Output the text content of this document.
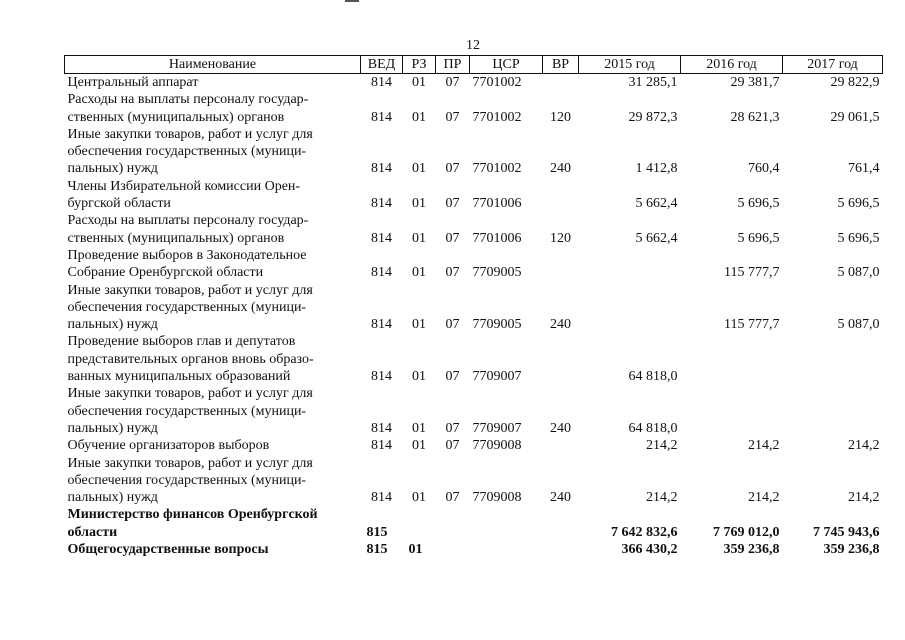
12
Наименование	ВЕД	РЗ	ПР	ЦСР	ВР	2015 год	2016 год	2017 год

Центральный аппарат	814	01	07	7701002		31 285,1	29 381,7	29 822,9

Расходы на выплаты персоналу государ-
ственных (муниципальных) органов	814	01	07	7701002	120	29 872,3	28 621,3	29 061,5

Иные закупки товаров, работ и услуг для
обеспечения государственных (муници-
пальных) нужд	814	01	07	7701002	240	1 412,8	760,4	761,4

Члены Избирательной комиссии Орен-
бургской области	814	01	07	7701006		5 662,4	5 696,5	5 696,5

Расходы на выплаты персоналу государ-
ственных (муниципальных) органов	814	01	07	7701006	120	5 662,4	5 696,5	5 696,5

Проведение выборов в Законодательное
Собрание Оренбургской области	814	01	07	7709005			115 777,7	5 087,0

Иные закупки товаров, работ и услуг для
обеспечения государственных (муници-
пальных) нужд	814	01	07	7709005	240		115 777,7	5 087,0

Проведение выборов глав и депутатов
представительных органов вновь образо-
ванных муниципальных образований	814	01	07	7709007		64 818,0		

Иные закупки товаров, работ и услуг для
обеспечения государственных (муници-
пальных) нужд	814	01	07	7709007	240	64 818,0		

Обучение организаторов выборов	814	01	07	7709008		214,2	214,2	214,2

Иные закупки товаров, работ и услуг для
обеспечения государственных (муници-
пальных) нужд	814	01	07	7709008	240	214,2	214,2	214,2

Министерство финансов Оренбургской
области	815					7 642 832,6	7 769 012,0	7 745 943,6

Общегосударственные вопросы	815	01				366 430,2	359 236,8	359 236,8
